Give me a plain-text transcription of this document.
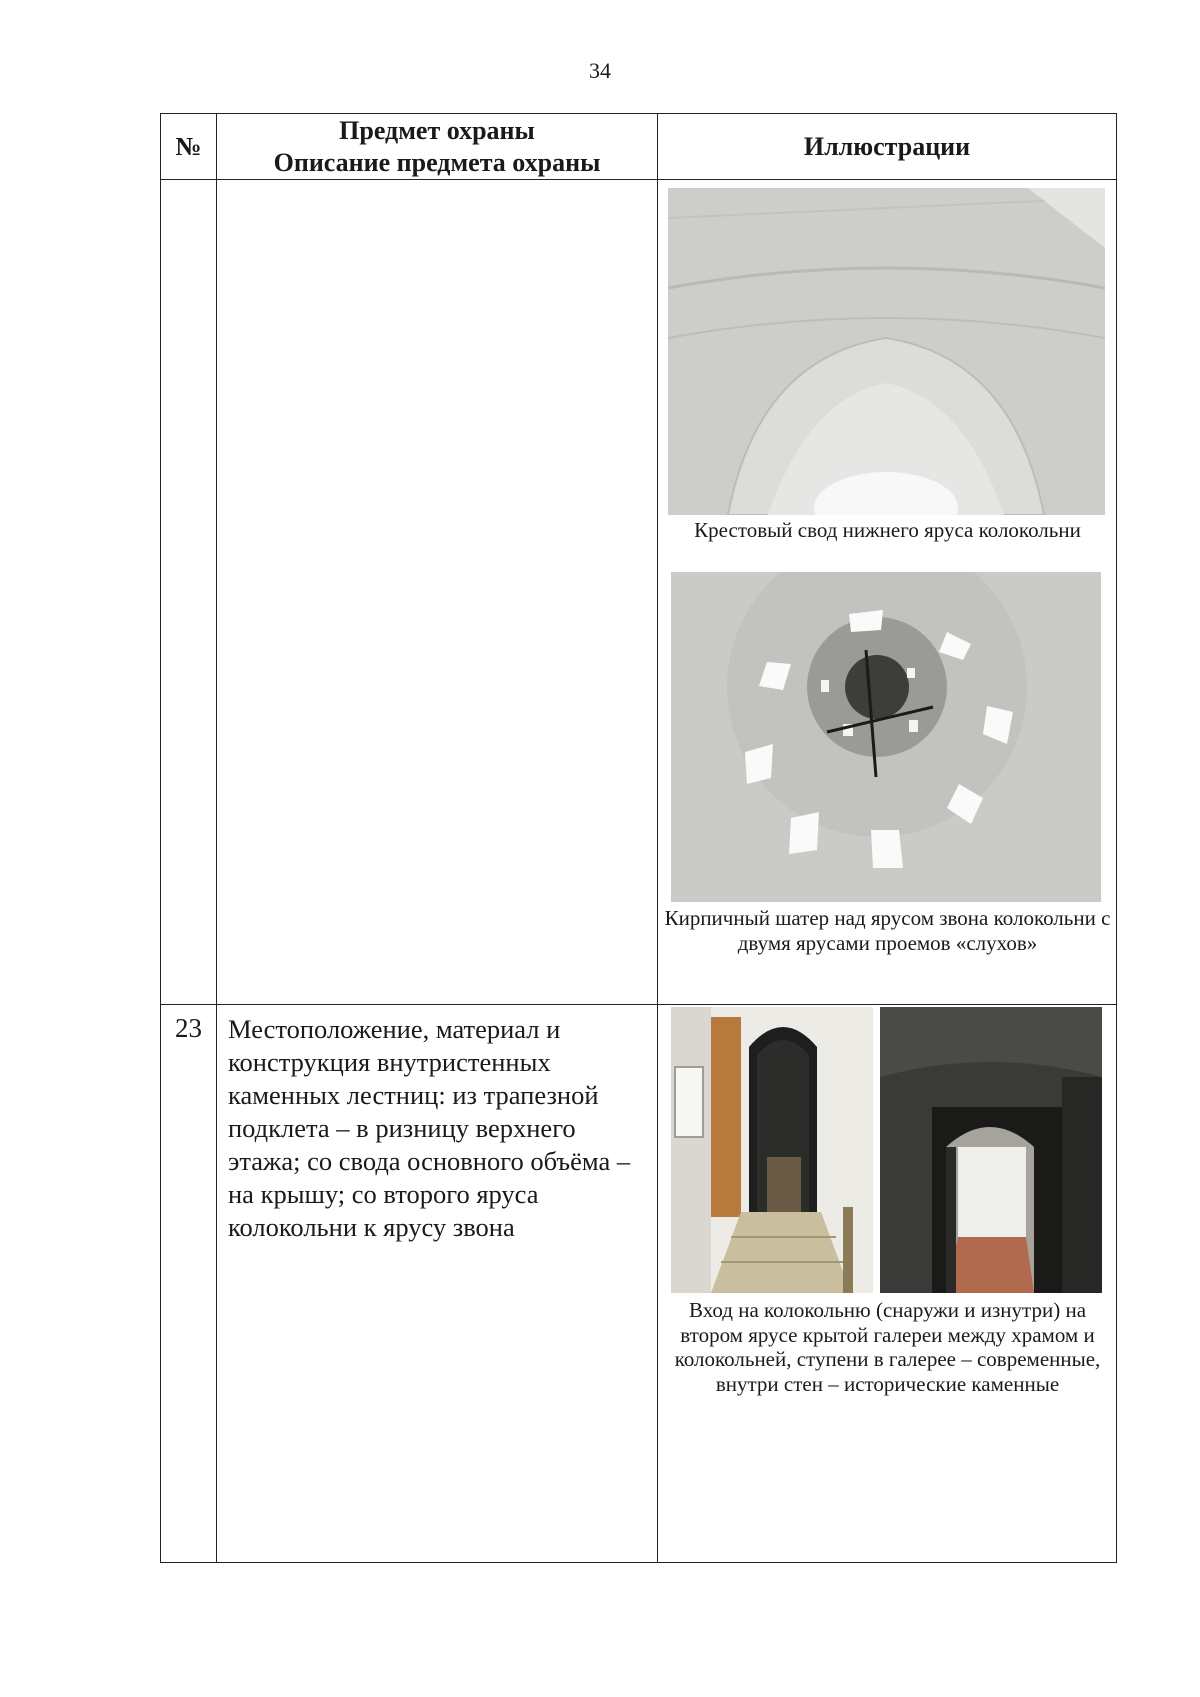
34
№	Предмет охраны
Описание предмета охраны	Иллюстрации

		Крестовый свод нижнего яруса колокольни
Кирпичный шатер над ярусом звона колокольни с двумя ярусами проемов «слухов»

23	Местоположение, материал и конструкция внутристенных каменных лестниц: из трапезной подклета – в ризницу верхнего этажа; со свода основного объёма – на крышу; со второго яруса колокольни к ярусу звона	Вход на колокольню (снаружи и изнутри) на втором ярусе крытой галереи между храмом и колокольней, ступени в галерее – современные, внутри стен – исторические каменные
